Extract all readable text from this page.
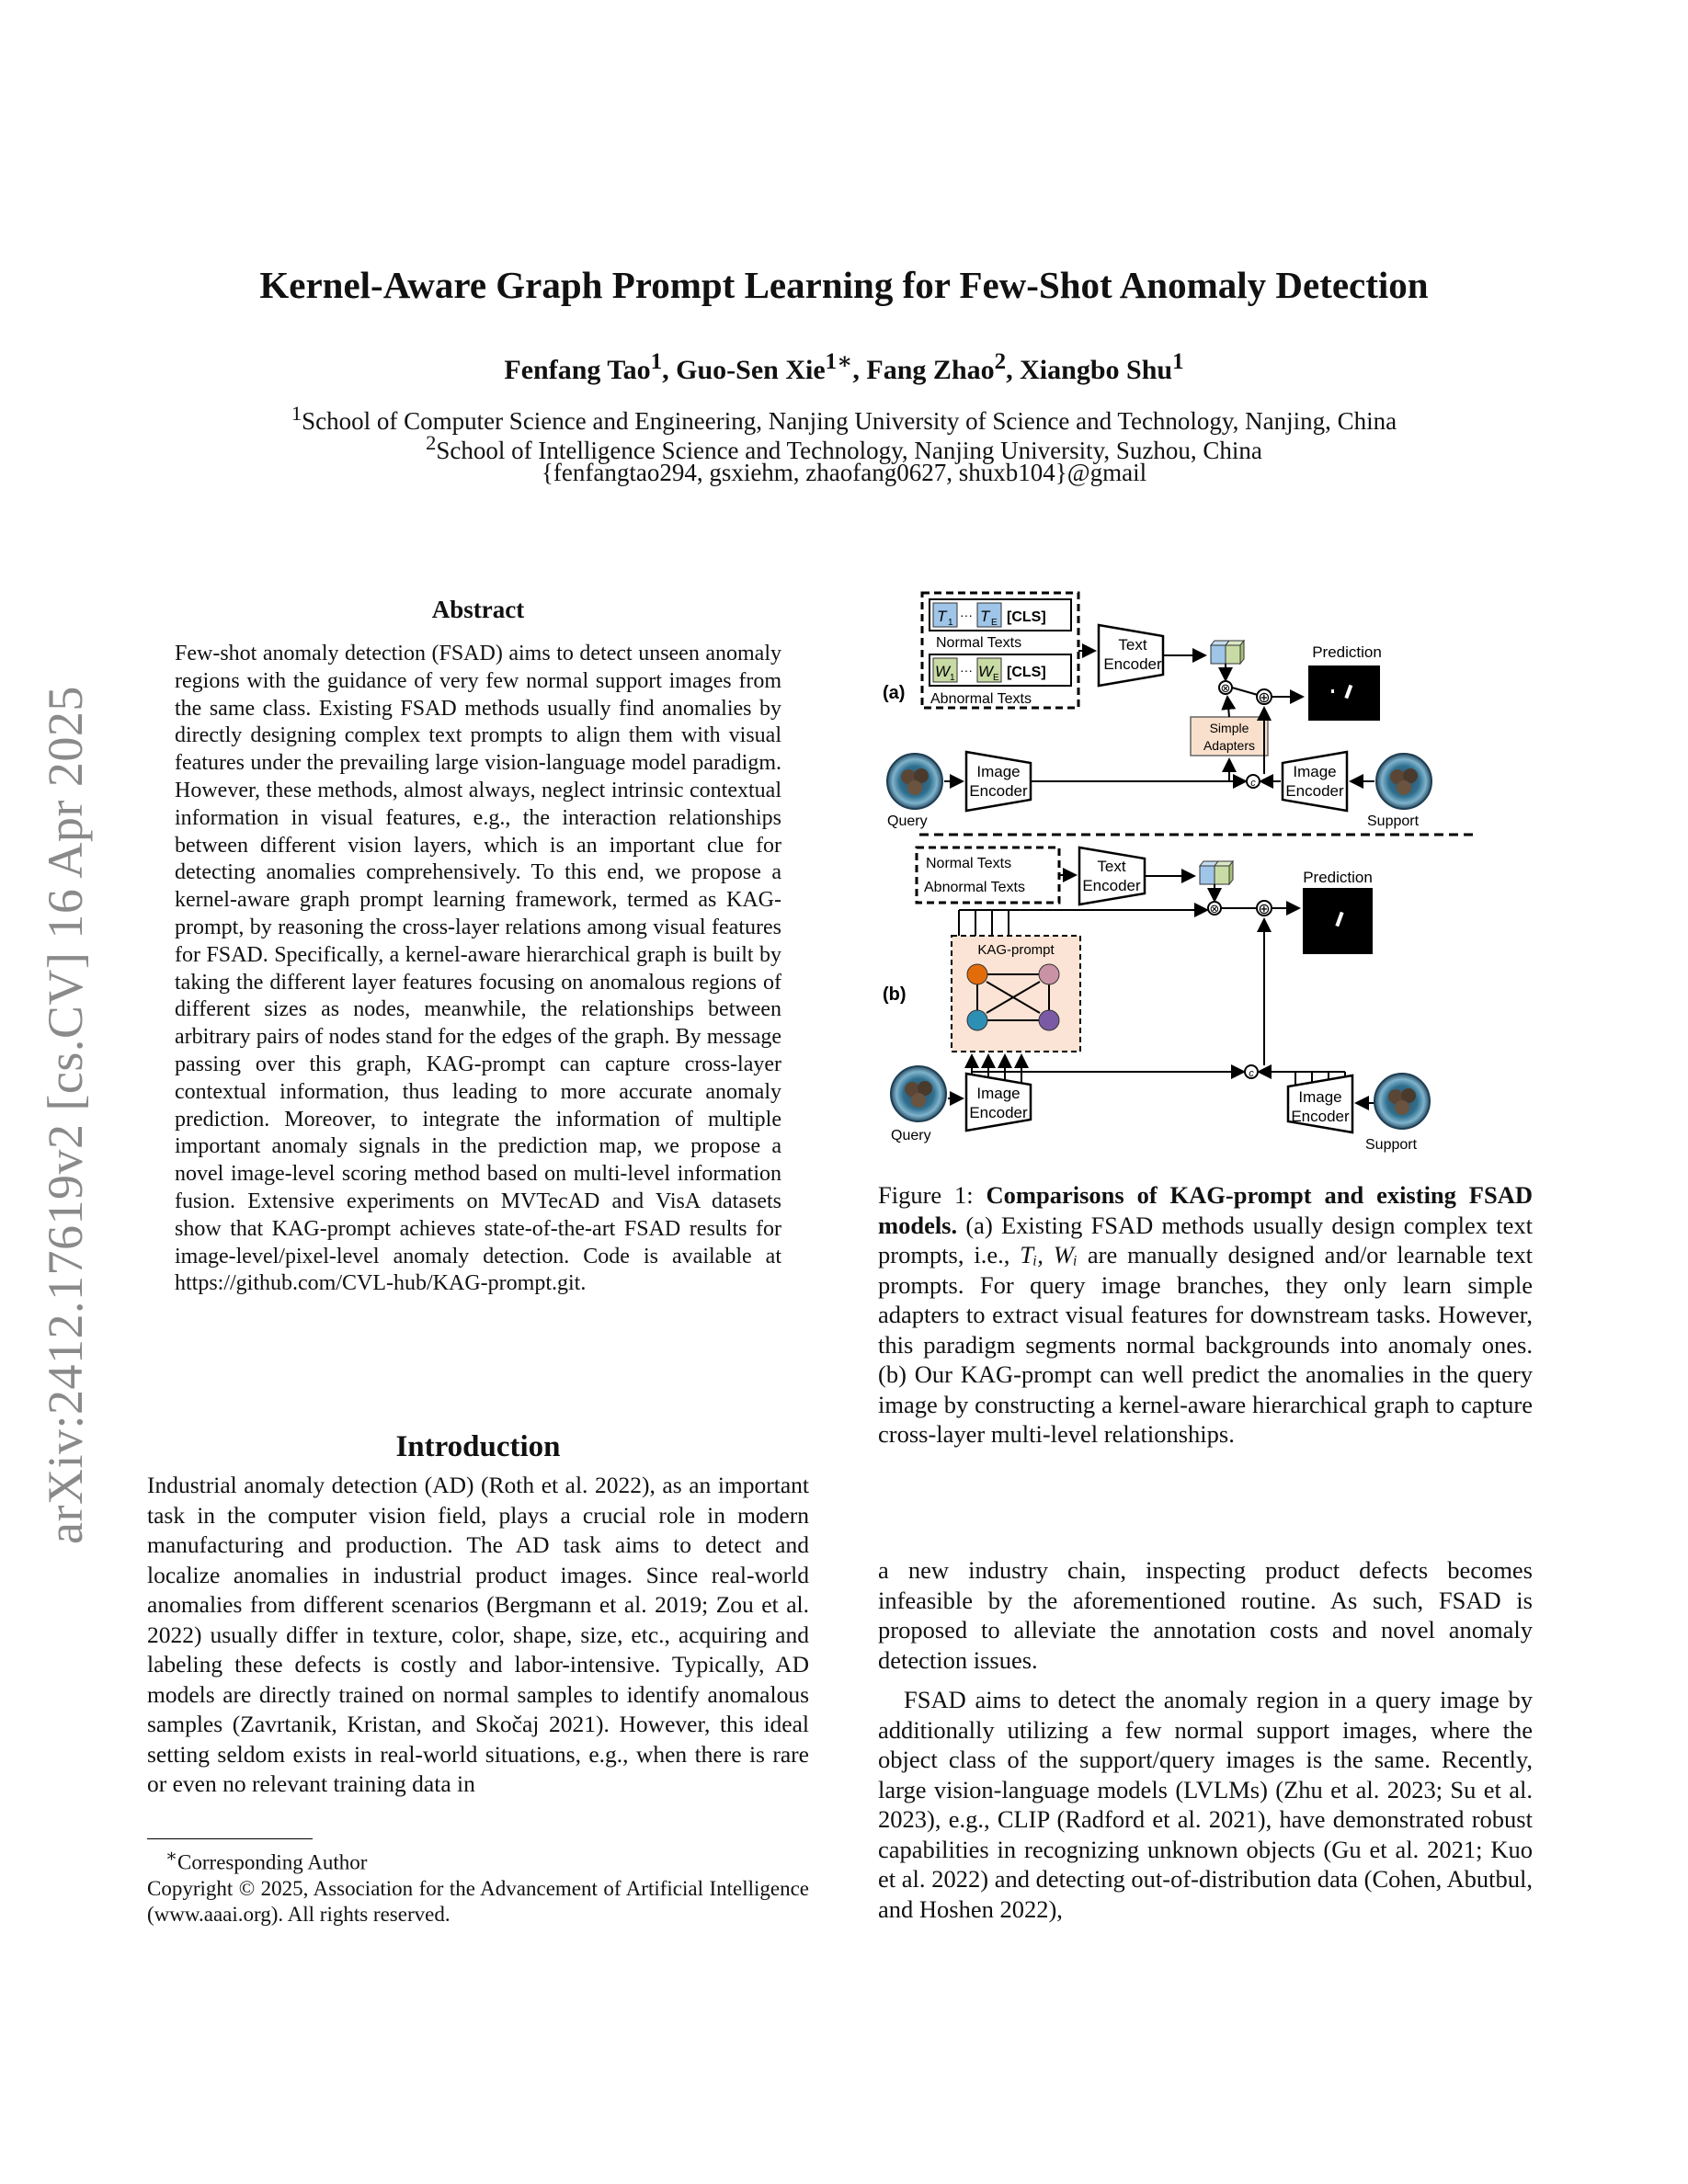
arXiv:2412.17619v2 [cs.CV] 16 Apr 2025
Kernel-Aware Graph Prompt Learning for Few-Shot Anomaly Detection
Fenfang Tao$^1$, Guo-Sen Xie$^{1∗}$, Fang Zhao$^2$, Xiangbo Shu$^1$
$^1$School of Computer Science and Engineering, Nanjing University of Science and Technology, Nanjing, China
$^2$School of Intelligence Science and Technology, Nanjing University, Suzhou, China
{fenfangtao294, gsxiehm, zhaofang0627, shuxb104}@gmail
Abstract
Few-shot anomaly detection (FSAD) aims to detect unseen anomaly regions with the guidance of very few normal support images from the same class. Existing FSAD methods usually find anomalies by directly designing complex text prompts to align them with visual features under the prevailing large vision-language model paradigm. However, these methods, almost always, neglect intrinsic contextual information in visual features, e.g., the interaction relationships between different vision layers, which is an important clue for detecting anomalies comprehensively. To this end, we propose a kernel-aware graph prompt learning framework, termed as KAG-prompt, by reasoning the cross-layer relations among visual features for FSAD. Specifically, a kernel-aware hierarchical graph is built by taking the different layer features focusing on anomalous regions of different sizes as nodes, meanwhile, the relationships between arbitrary pairs of nodes stand for the edges of the graph. By message passing over this graph, KAG-prompt can capture cross-layer contextual information, thus leading to more accurate anomaly prediction. Moreover, to integrate the information of multiple important anomaly signals in the prediction map, we propose a novel image-level scoring method based on multi-level information fusion. Extensive experiments on MVTecAD and VisA datasets show that KAG-prompt achieves state-of-the-art FSAD results for image-level/pixel-level anomaly detection. Code is available at https://github.com/CVL-hub/KAG-prompt.git.
Introduction
Industrial anomaly detection (AD) (Roth et al. 2022), as an important task in the computer vision field, plays a crucial role in modern manufacturing and production. The AD task aims to detect and localize anomalies in industrial product images. Since real-world anomalies from different scenarios (Bergmann et al. 2019; Zou et al. 2022) usually differ in texture, color, shape, size, etc., acquiring and labeling these defects is costly and labor-intensive. Typically, AD models are directly trained on normal samples to identify anomalous samples (Zavrtanik, Kristan, and Skočaj 2021). However, this ideal setting seldom exists in real-world situations, e.g., when there is rare or even no relevant training data in
∗Corresponding Author
Copyright © 2025, Association for the Advancement of Artificial Intelligence (www.aaai.org). All rights reserved.
(a)
T 1
··· T E [CLS]
Normal Texts
W 1
··· W E [CLS]
Abnormal Texts
Text
Encoder
⊗
⊕
Simple
Adapters
Prediction
Query
Image
Encoder	c
Image
Encoder
Support
(b)
Normal Texts
Abnormal Texts
Text
Encoder
⊗	⊕
Prediction
KAG-prompt
c
Query
Image
Encoder
Image
Encoder
Support
Figure 1: Comparisons of KAG-prompt and existing FSAD models. (a) Existing FSAD methods usually design complex text prompts, i.e., Tᵢ, Wᵢ are manually designed and/or learnable text prompts. For query image branches, they only learn simple adapters to extract visual features for downstream tasks. However, this paradigm segments normal backgrounds into anomaly ones. (b) Our KAG-prompt can well predict the anomalies in the query image by constructing a kernel-aware hierarchical graph to capture cross-layer multi-level relationships.
a new industry chain, inspecting product defects becomes infeasible by the aforementioned routine. As such, FSAD is proposed to alleviate the annotation costs and novel anomaly detection issues.
FSAD aims to detect the anomaly region in a query image by additionally utilizing a few normal support images, where the object class of the support/query images is the same. Recently, large vision-language models (LVLMs) (Zhu et al. 2023; Su et al. 2023), e.g., CLIP (Radford et al. 2021), have demonstrated robust capabilities in recognizing unknown objects (Gu et al. 2021; Kuo et al. 2022) and detecting out-of-distribution data (Cohen, Abutbul, and Hoshen 2022),
